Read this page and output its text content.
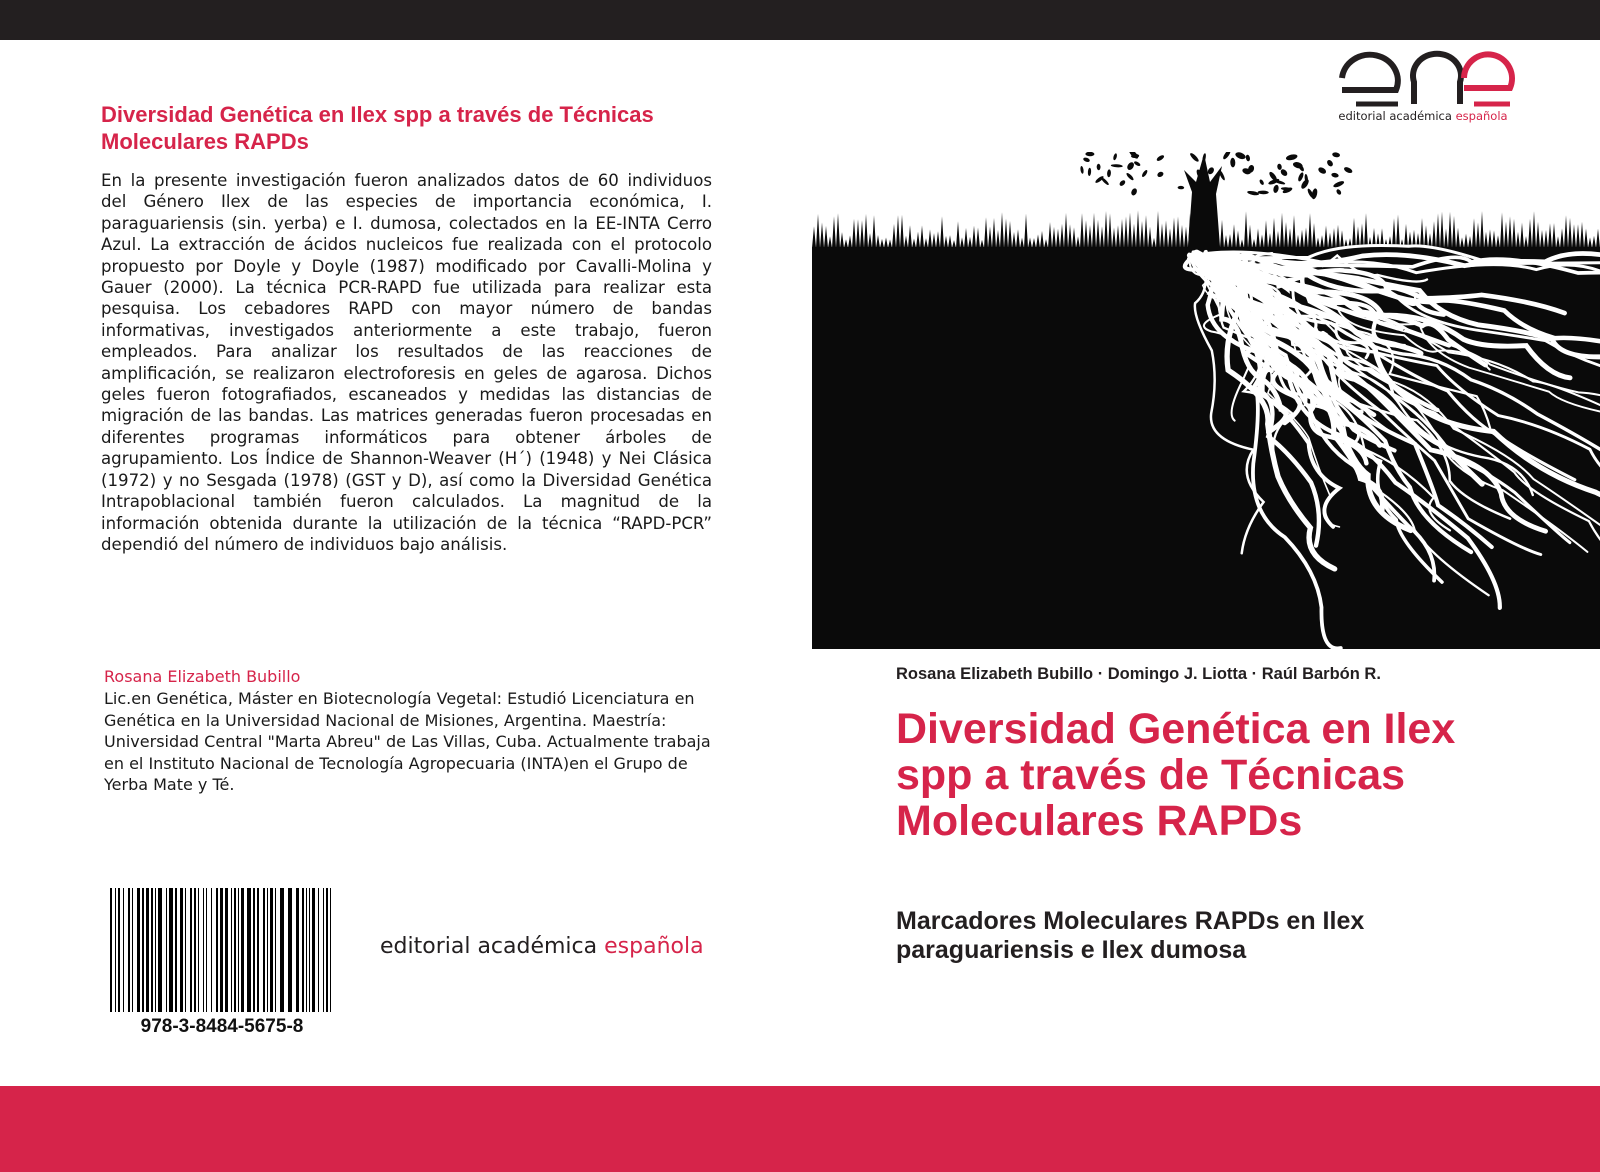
Diversidad Genética en Ilex spp a través de Técnicas Moleculares RAPDs
En la presente investigación fueron analizados datos de 60 individuos del Género Ilex de las especies de importancia económica, I. paraguariensis (sin. yerba) e I. dumosa, colectados en la EE-INTA Cerro Azul. La extracción de ácidos nucleicos fue realizada con el protocolo propuesto por Doyle y Doyle (1987) modificado por Cavalli-Molina y Gauer (2000). La técnica PCR-RAPD fue utilizada para realizar esta pesquisa. Los cebadores RAPD con mayor número de bandas informativas, investigados anteriormente a este trabajo, fueron empleados. Para analizar los resultados de las reacciones de amplificación, se realizaron electroforesis en geles de agarosa. Dichos geles fueron fotografiados, escaneados y medidas las distancias de migración de las bandas. Las matrices generadas fueron procesadas en diferentes programas informáticos para obtener árboles de agrupamiento. Los Índice de Shannon-Weaver (H´) (1948) y Nei Clásica (1972) y no Sesgada (1978) (GST y D), así como la Diversidad Genética Intrapoblacional también fueron calculados. La magnitud de la información obtenida durante la utilización de la técnica “RAPD-PCR” dependió del número de individuos bajo análisis.
Rosana Elizabeth Bubillo
Lic.en Genética, Máster en Biotecnología Vegetal: Estudió Licenciatura en Genética en la Universidad Nacional de Misiones, Argentina. Maestría: Universidad Central "Marta Abreu" de Las Villas, Cuba. Actualmente trabaja en el Instituto Nacional de Tecnología Agropecuaria (INTA)en el Grupo de Yerba Mate y Té.
978-3-8484-5675-8
editorial académica española
editorial académica española
Rosana Elizabeth Bubillo · Domingo J. Liotta · Raúl Barbón R.
Diversidad Genética en Ilex spp a través de Técnicas Moleculares RAPDs
Marcadores Moleculares RAPDs en Ilex paraguariensis e Ilex dumosa
